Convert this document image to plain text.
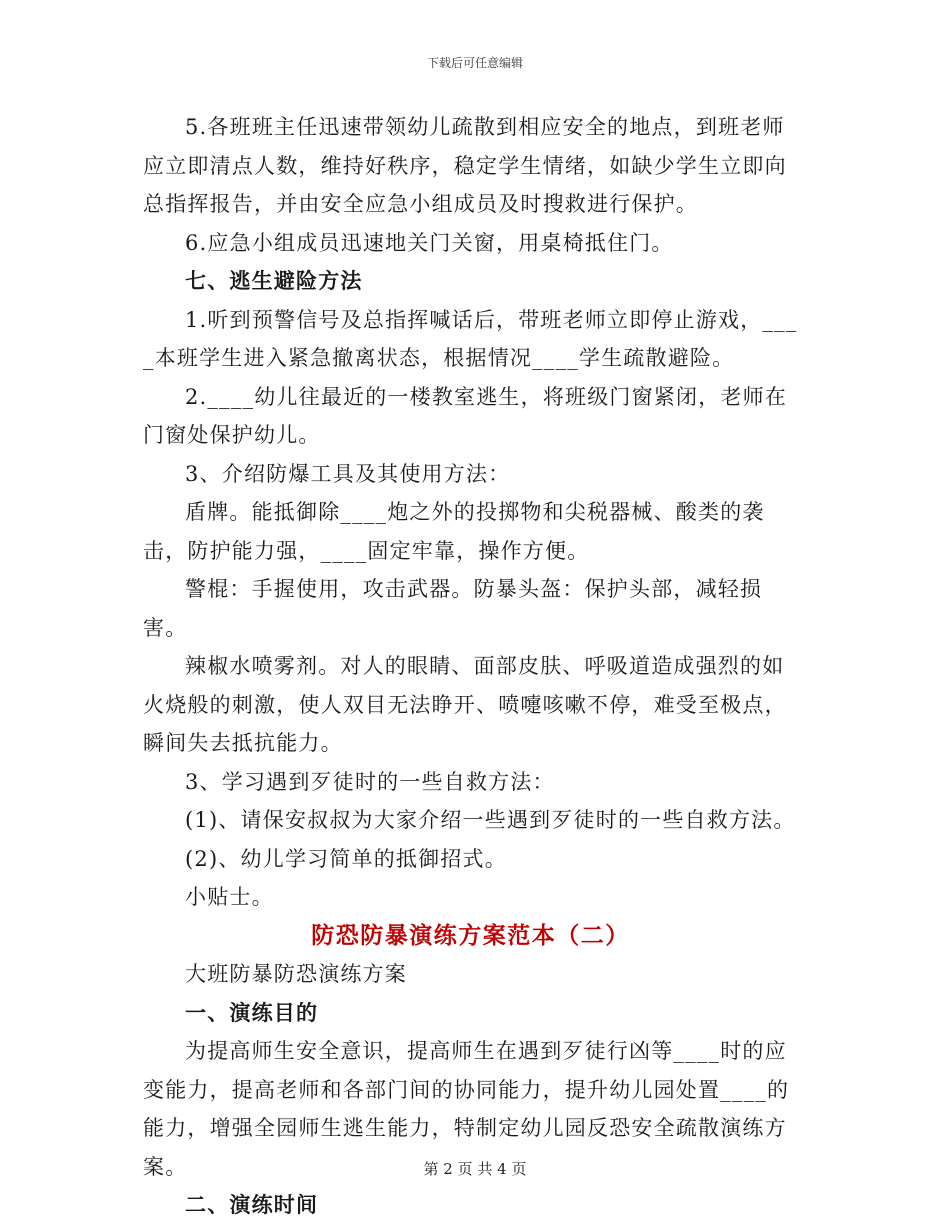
下载后可任意编辑

5.各班班主任迅速带领幼儿疏散到相应安全的地点，到班老师应立即清点人数，维持好秩序，稳定学生情绪，如缺少学生立即向总指挥报告，并由安全应急小组成员及时搜救进行保护。

6.应急小组成员迅速地关门关窗，用桌椅抵住门。

七、逃生避险方法

1.听到预警信号及总指挥喊话后，带班老师立即停止游戏，____本班学生进入紧急撤离状态，根据情况____学生疏散避险。

2.____幼儿往最近的一楼教室逃生，将班级门窗紧闭，老师在门窗处保护幼儿。

3、介绍防爆工具及其使用方法：

盾牌。能抵御除____炮之外的投掷物和尖税器械、酸类的袭击，防护能力强，____固定牢靠，操作方便。

警棍：手握使用，攻击武器。防暴头盔：保护头部，减轻损害。

辣椒水喷雾剂。对人的眼睛、面部皮肤、呼吸道造成强烈的如火烧般的刺激，使人双目无法睁开、喷嚏咳嗽不停，难受至极点，瞬间失去抵抗能力。

3、学习遇到歹徒时的一些自救方法：

(1)、请保安叔叔为大家介绍一些遇到歹徒时的一些自救方法。

(2)、幼儿学习简单的抵御招式。

小贴士。

防恐防暴演练方案范本（二）

大班防暴防恐演练方案

一、演练目的

为提高师生安全意识，提高师生在遇到歹徒行凶等____时的应变能力，提高老师和各部门间的协同能力，提升幼儿园处置____的能力，增强全园师生逃生能力，特制定幼儿园反恐安全疏散演练方案。

二、演练时间

第 2 页 共 4 页
